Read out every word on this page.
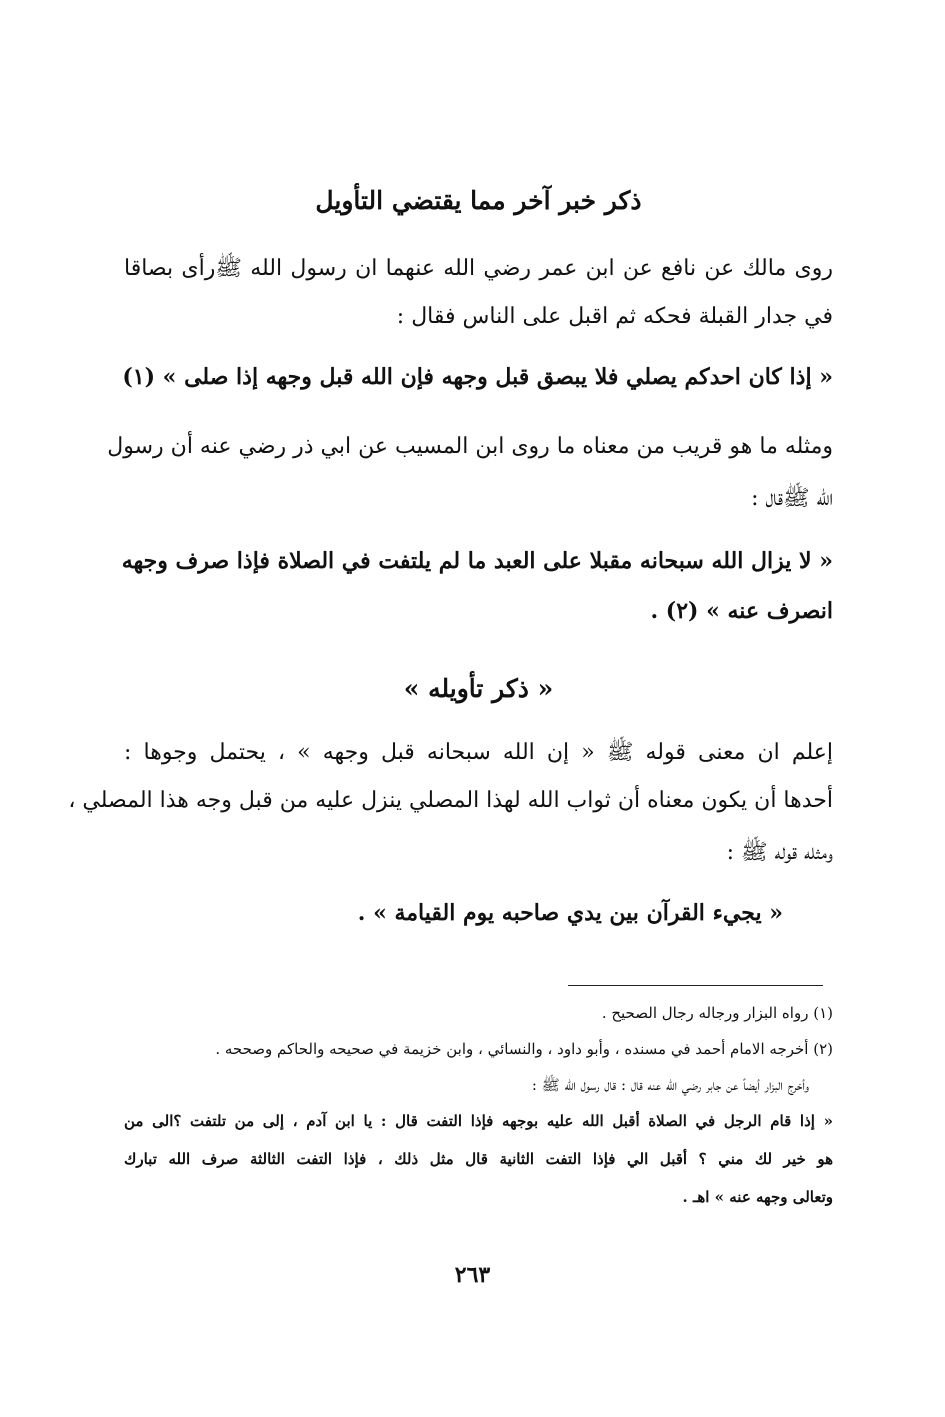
ذكر خبر آخر مما يقتضي التأويل
روى مالك عن نافع عن ابن عمر رضي الله عنهما ان رسول الله ﷺرأى بصاقا
في جدار القبلة فحكه ثم اقبل على الناس فقال :
« إذا كان احدكم يصلي فلا يبصق قبل وجهه فإن الله قبل وجهه إذا صلى » (١)
ومثله ما هو قريب من معناه ما روى ابن المسيب عن ابي ذر رضي عنه أن رسول
الله ﷺقال :
« لا يزال الله سبحانه مقبلا على العبد ما لم يلتفت في الصلاة فإذا صرف وجهه
انصرف عنه » (٢) .
« ذكر تأويله »
إعلم ان معنى قوله ﷺ « إن الله سبحانه قبل وجهه » ، يحتمل وجوها :
أحدها أن يكون معناه أن ثواب الله لهذا المصلي ينزل عليه من قبل وجه هذا المصلي ،
ومثله قوله ﷺ :
« يجيء القرآن بين يدي صاحبه يوم القيامة » .
(١) رواه البزار ورجاله رجال الصحيح .
(٢) أخرجه الامام أحمد في مسنده ، وأبو داود ، والنسائي ، وابن خزيمة في صحيحه والحاكم وصححه .
وأخرج البزار أيضاً عن جابر رضي الله عنه قال : قال رسول الله ﷺ :
« إذا قام الرجل في الصلاة أقبل الله عليه بوجهه فإذا التفت قال : يا ابن آدم ، إلى من تلتفت ؟الى من
هو خير لك مني ؟ أقبل الي فإذا التفت الثانية قال مثل ذلك ، فإذا التفت الثالثة صرف الله تبارك
وتعالى وجهه عنه » اهـ .
٢٦٣
